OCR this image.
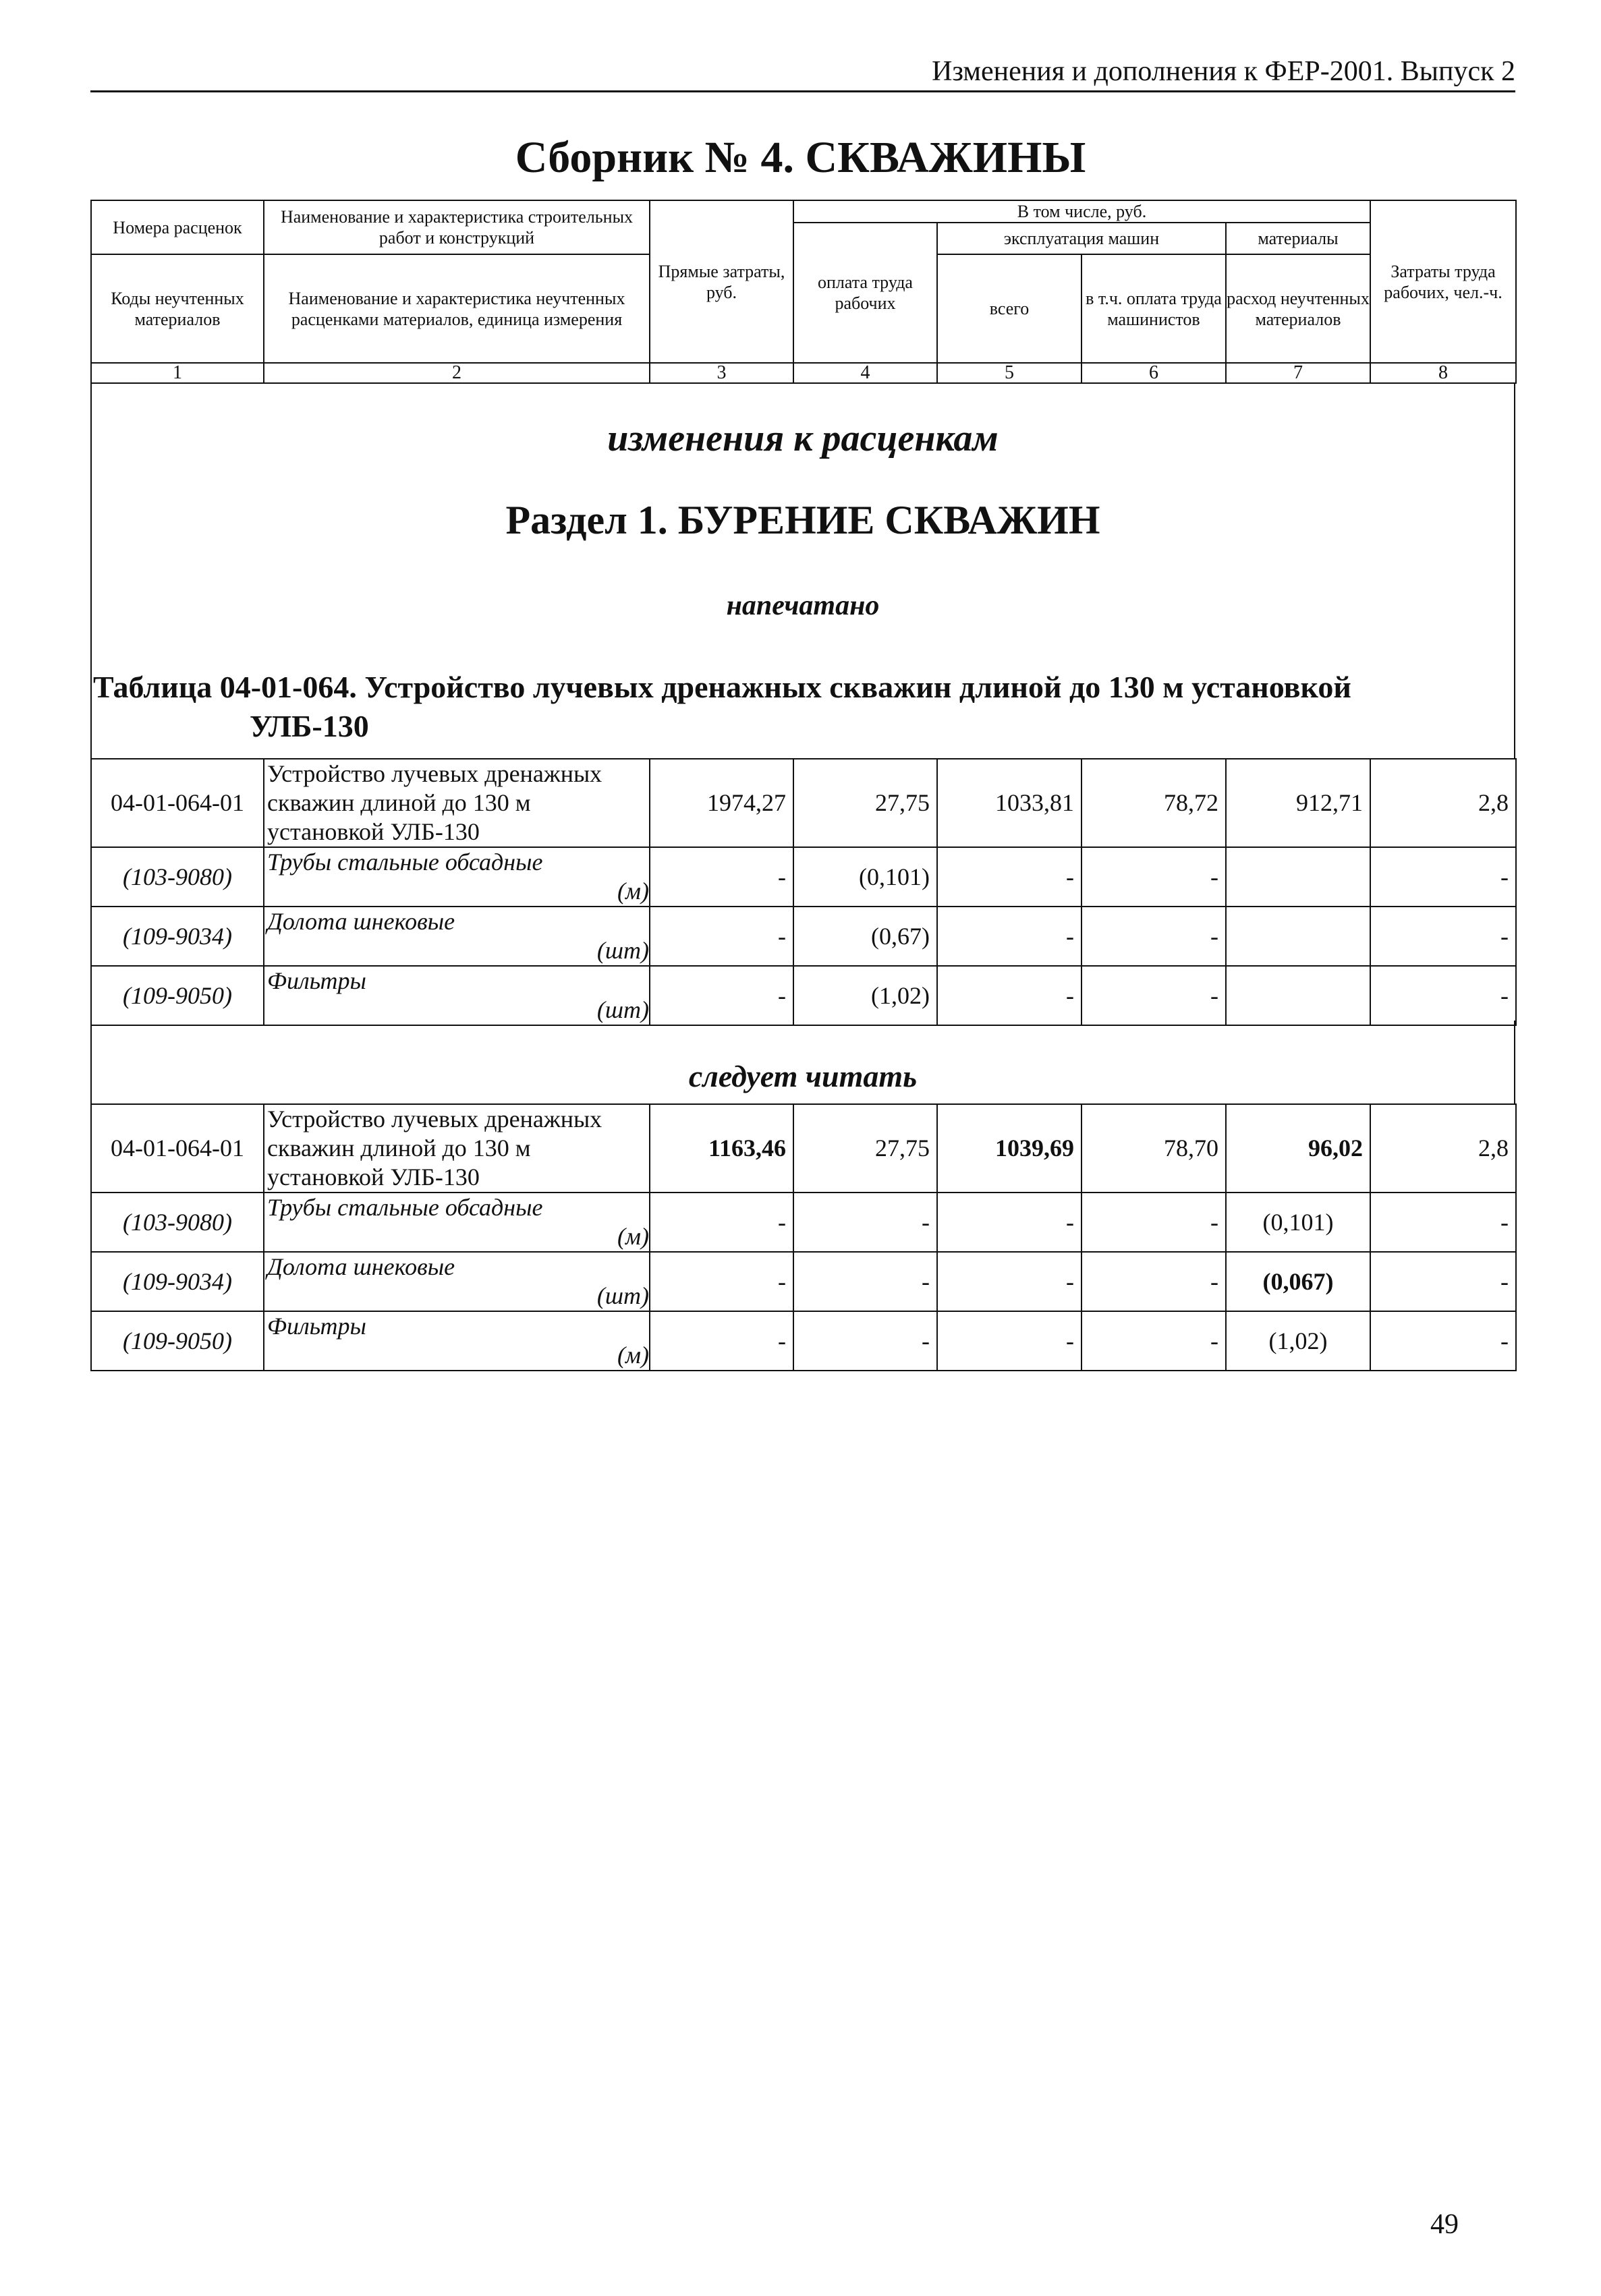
Изменения и дополнения к ФЕР-2001. Выпуск 2
Сборник № 4. СКВАЖИНЫ
Номера расценок	Наименование и характеристика строительных работ и конструкций	Прямые затраты, руб.	В том числе, руб.				Затраты труда рабочих, чел.-ч.
			оплата труда рабочих	эксплуатация машин		материалы	
Коды неучтенных материалов	Наименование и характеристика неучтенных расценками материалов, единица измерения			всего	в т.ч. оплата труда машинистов	расход неучтенных материалов	

1	2	3	4	5	6	7	8
изменения к расценкам
Раздел 1. БУРЕНИЕ СКВАЖИН
напечатано
Таблица 04-01-064. Устройство лучевых дренажных скважин длиной до 130 м установкой
УЛБ-130
04-01-064-01	Устройство лучевых дренажных
скважин длиной до 130 м
установкой УЛБ-130	1974,27	27,75	1033,81	78,72	912,71	2,8
(103-9080)	Трубы стальные обсадные
(м)	-	(0,101)	-	-		-
(109-9034)	Долота шнековые
(шт)	-	(0,67)	-	-		-
(109-9050)	Фильтры
(шт)	-	(1,02)	-	-		-
следует читать
04-01-064-01	Устройство лучевых дренажных
скважин длиной до 130 м
установкой УЛБ-130	1163,46	27,75	1039,69	78,70	96,02	2,8
(103-9080)	Трубы стальные обсадные
(м)	-	-	-	-	(0,101)	-
(109-9034)	Долота шнековые
(шт)	-	-	-	-	(0,067)	-
(109-9050)	Фильтры
(м)	-	-	-	-	(1,02)	-
49
